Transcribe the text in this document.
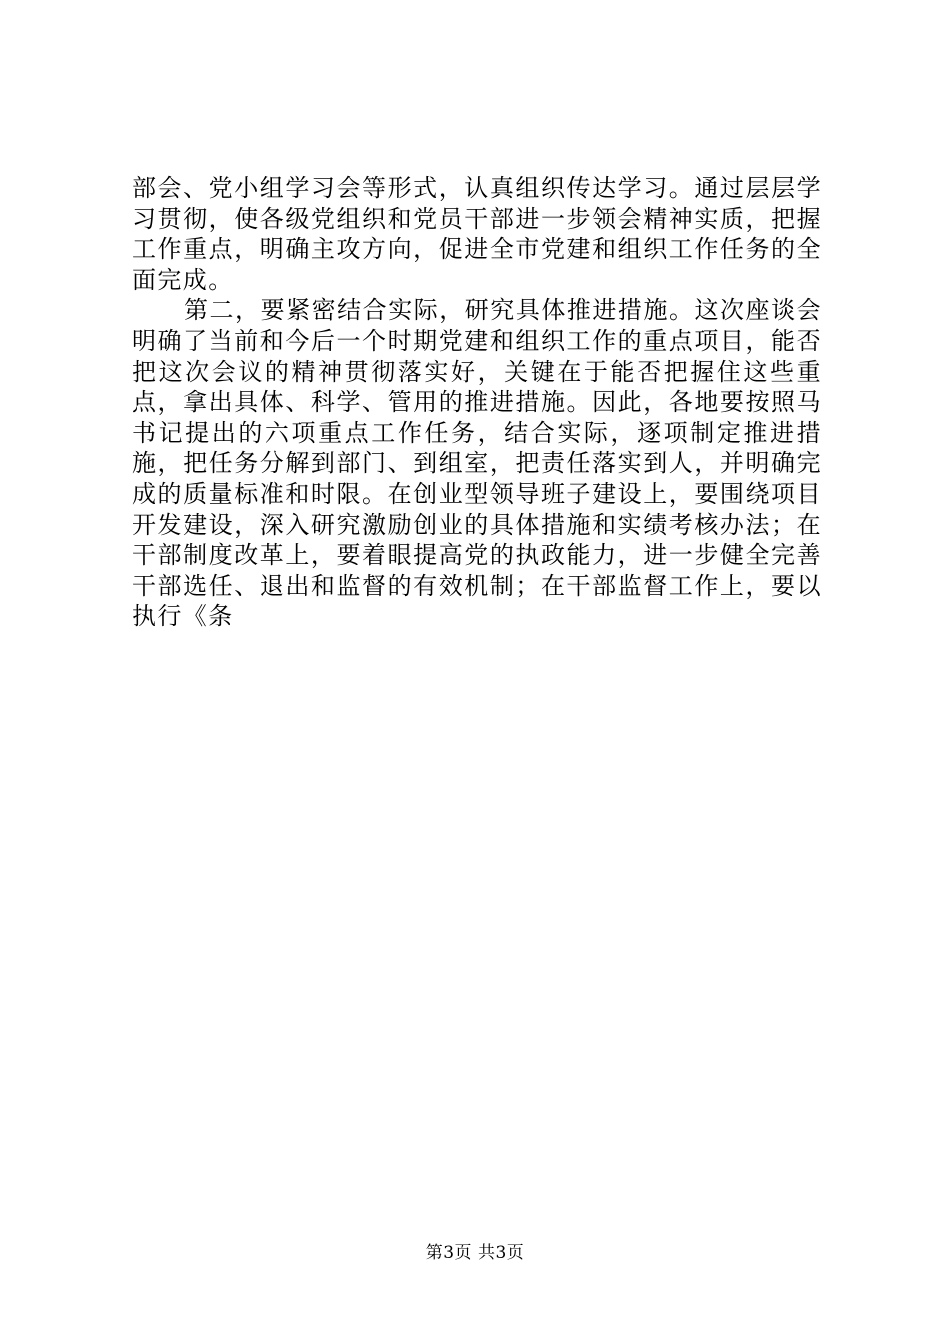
部会、党小组学习会等形式，认真组织传达学习。通过层层学习贯彻，使各级党组织和党员干部进一步领会精神实质，把握工作重点，明确主攻方向，促进全市党建和组织工作任务的全面完成。

第二，要紧密结合实际，研究具体推进措施。这次座谈会明确了当前和今后一个时期党建和组织工作的重点项目，能否把这次会议的精神贯彻落实好，关键在于能否把握住这些重点，拿出具体、科学、管用的推进措施。因此，各地要按照马书记提出的六项重点工作任务，结合实际，逐项制定推进措施，把任务分解到部门、到组室，把责任落实到人，并明确完成的质量标准和时限。在创业型领导班子建设上，要围绕项目开发建设，深入研究激励创业的具体措施和实绩考核办法；在干部制度改革上，要着眼提高党的执政能力，进一步健全完善干部选任、退出和监督的有效机制；在干部监督工作上，要以执行《条

第3页 共3页
